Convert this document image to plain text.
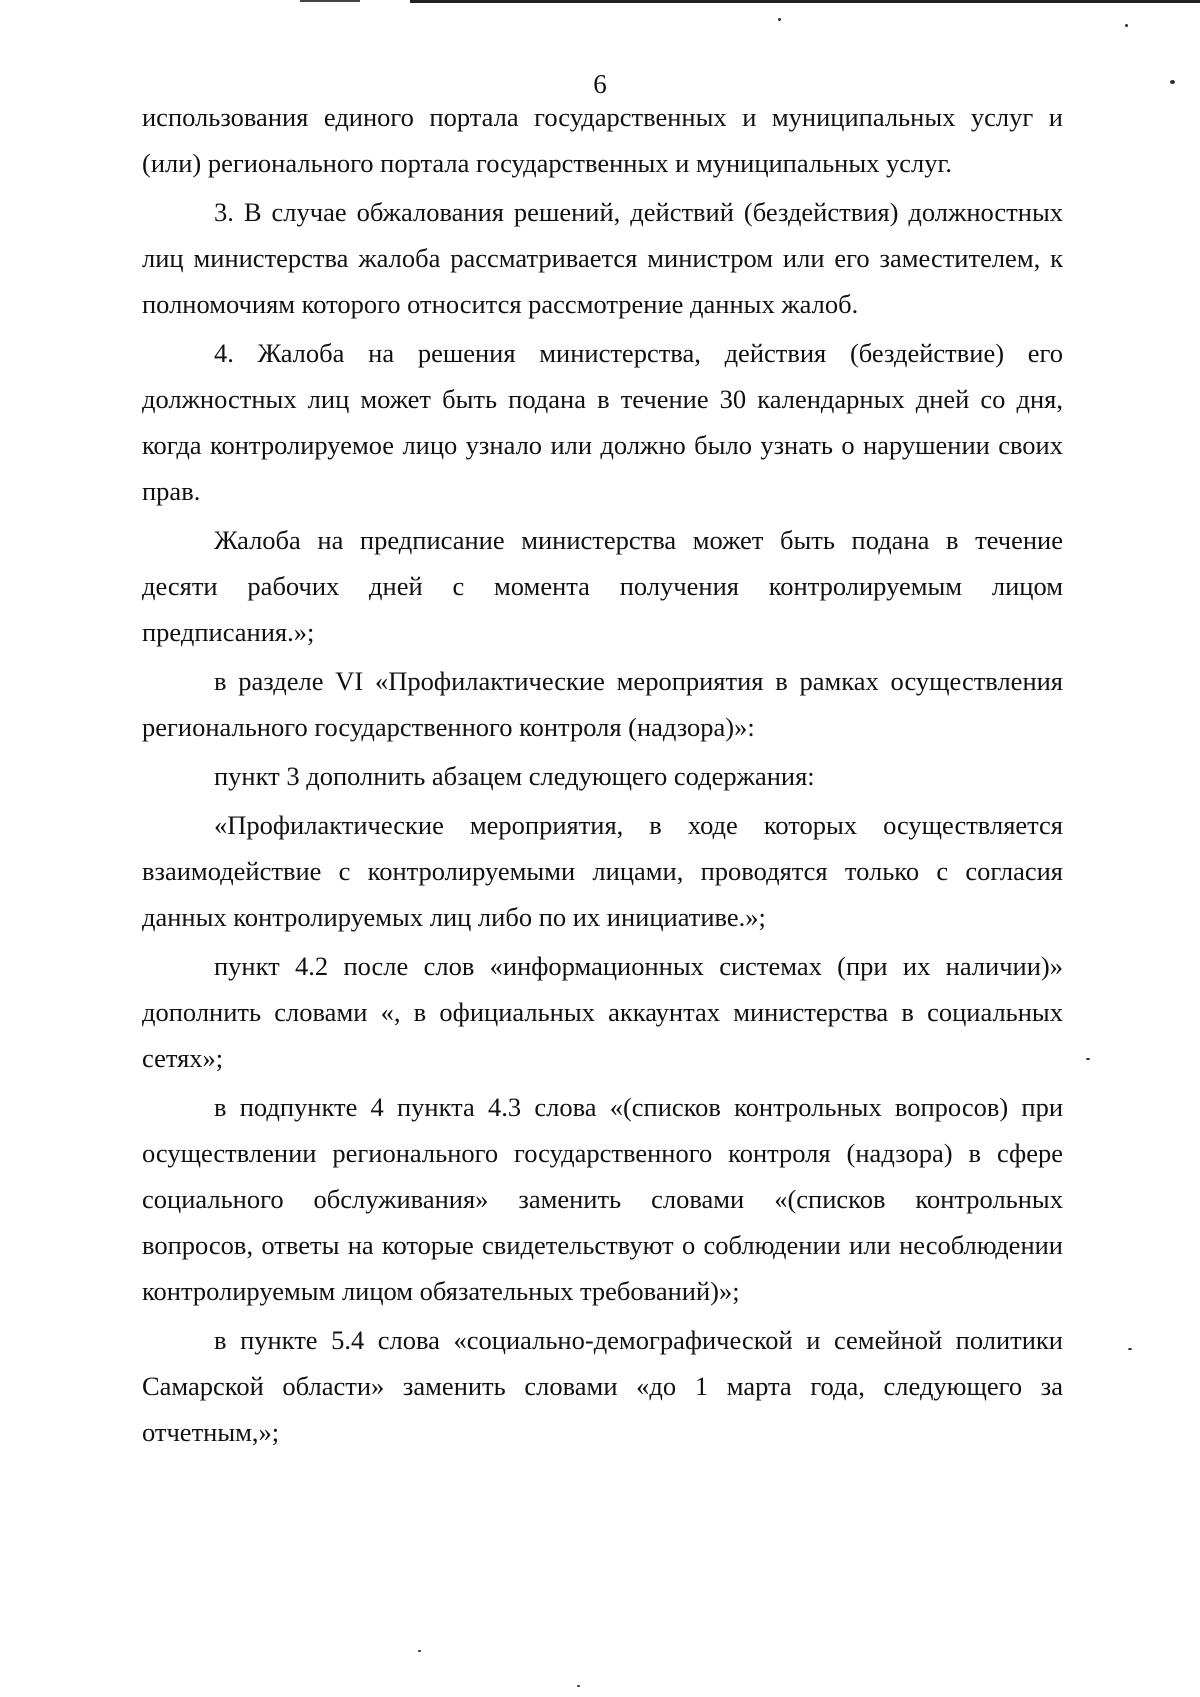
6

использования единого портала государственных и муниципальных услуг и (или) регионального портала государственных и муниципальных услуг.

3. В случае обжалования решений, действий (бездействия) должностных лиц министерства жалоба рассматривается министром или его заместителем, к полномочиям которого относится рассмотрение данных жалоб.

4. Жалоба на решения министерства, действия (бездействие) его должностных лиц может быть подана в течение 30 календарных дней со дня, когда контролируемое лицо узнало или должно было узнать о нарушении своих прав.

Жалоба на предписание министерства может быть подана в течение десяти рабочих дней с момента получения контролируемым лицом предписания.»;

в разделе VI «Профилактические мероприятия в рамках осуществления регионального государственного контроля (надзора)»:

пункт 3 дополнить абзацем следующего содержания:

«Профилактические мероприятия, в ходе которых осуществляется взаимодействие с контролируемыми лицами, проводятся только с согласия данных контролируемых лиц либо по их инициативе.»;

пункт 4.2 после слов «информационных системах (при их наличии)» дополнить словами «, в официальных аккаунтах министерства в социальных сетях»;

в подпункте 4 пункта 4.3 слова «(списков контрольных вопросов) при осуществлении регионального государственного контроля (надзора) в сфере социального обслуживания» заменить словами «(списков контрольных вопросов, ответы на которые свидетельствуют о соблюдении или несоблюдении контролируемым лицом обязательных требований)»;

в пункте 5.4 слова «социально-демографической и семейной политики Самарской области» заменить словами «до 1 марта года, следующего за отчетным,»;
